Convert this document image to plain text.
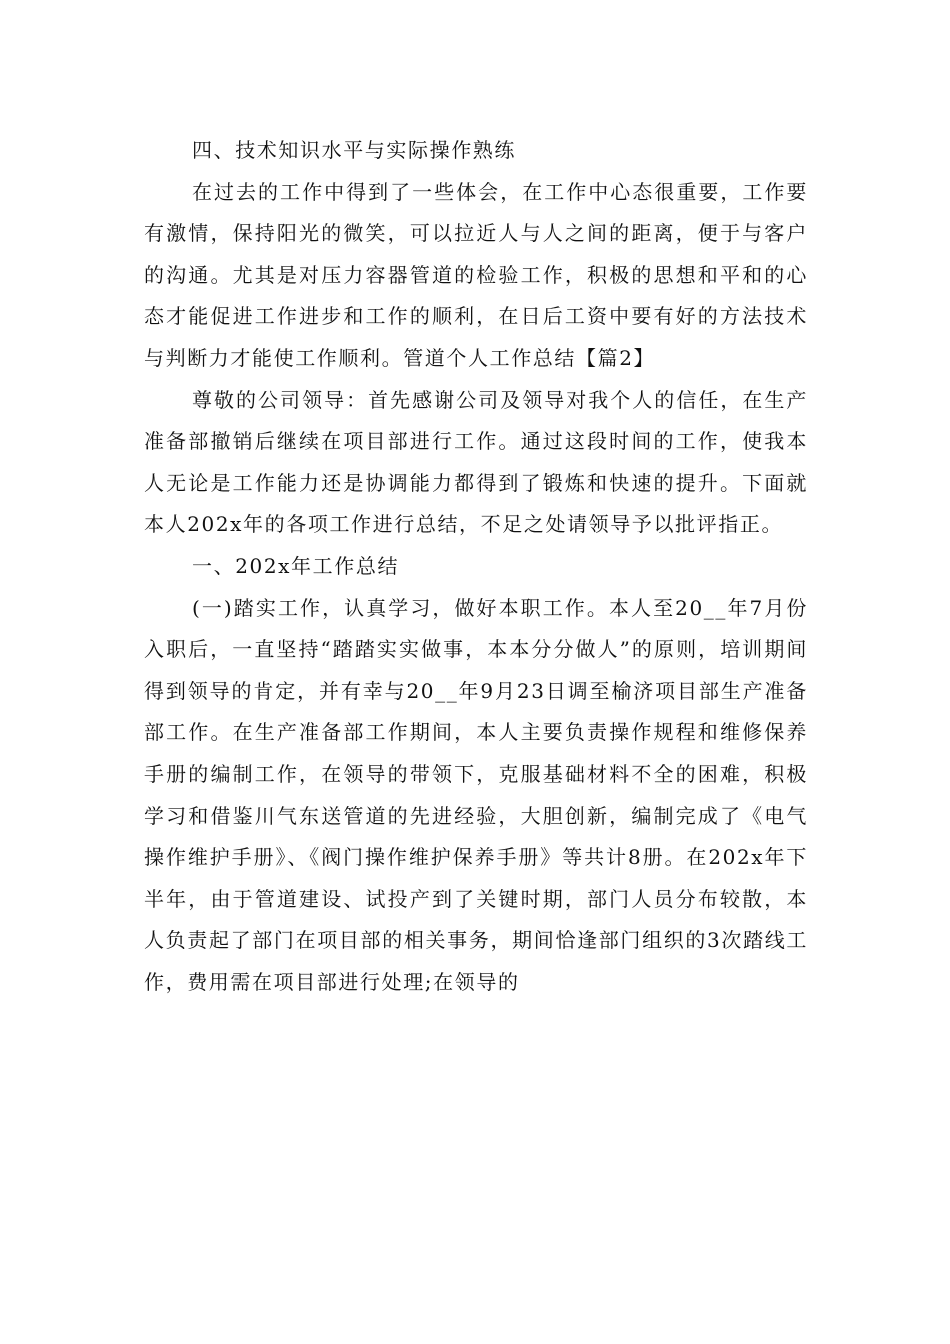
四、技术知识水平与实际操作熟练

在过去的工作中得到了一些体会，在工作中心态很重要，工作要有激情，保持阳光的微笑，可以拉近人与人之间的距离，便于与客户的沟通。尤其是对压力容器管道的检验工作，积极的思想和平和的心态才能促进工作进步和工作的顺利，在日后工资中要有好的方法技术与判断力才能使工作顺利。管道个人工作总结【篇2】

尊敬的公司领导：首先感谢公司及领导对我个人的信任，在生产准备部撤销后继续在项目部进行工作。通过这段时间的工作，使我本人无论是工作能力还是协调能力都得到了锻炼和快速的提升。下面就本人202x年的各项工作进行总结，不足之处请领导予以批评指正。

一、202x年工作总结

(一)踏实工作，认真学习，做好本职工作。本人至20__年7月份入职后，一直坚持“踏踏实实做事，本本分分做人”的原则，培训期间得到领导的肯定，并有幸与20__年9月23日调至榆济项目部生产准备部工作。在生产准备部工作期间，本人主要负责操作规程和维修保养手册的编制工作，在领导的带领下，克服基础材料不全的困难，积极学习和借鉴川气东送管道的先进经验，大胆创新，编制完成了《电气操作维护手册》、《阀门操作维护保养手册》等共计8册。在202x年下半年，由于管道建设、试投产到了关键时期，部门人员分布较散，本人负责起了部门在项目部的相关事务，期间恰逢部门组织的3次踏线工作，费用需在项目部进行处理;在领导的
